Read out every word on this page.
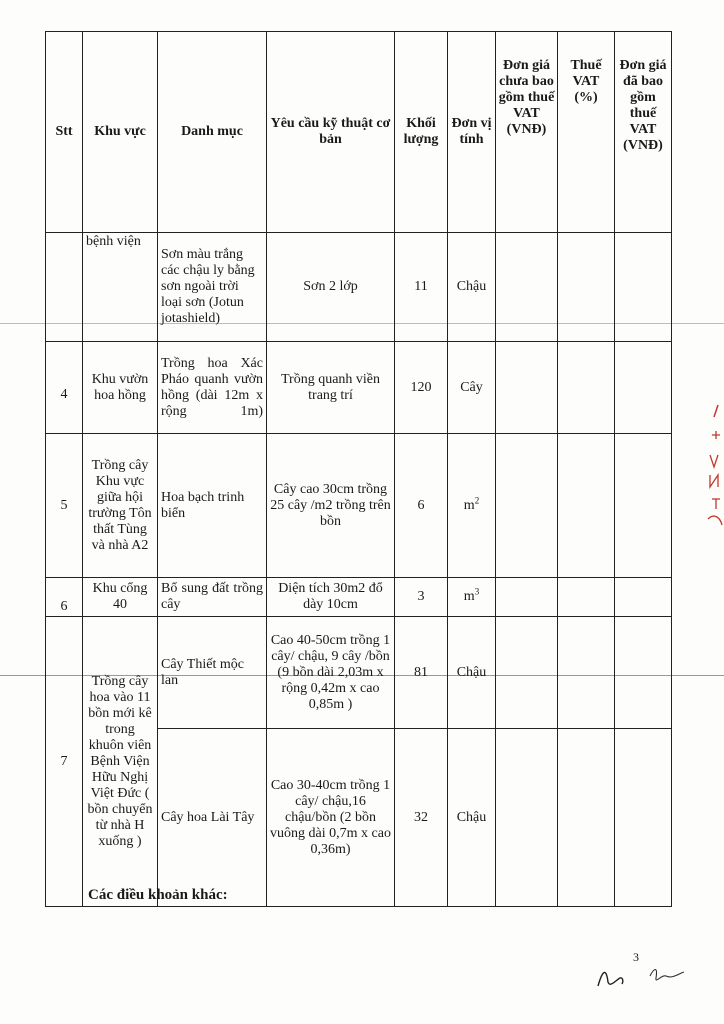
Stt	Khu vực	Danh mục	Yêu cầu kỹ thuật cơ bản	Khối lượng	Đơn vị tính	Đơn giá chưa bao gồm thuế VAT (VNĐ)	Thuế VAT (%)	Đơn giá đã bao gồm thuế VAT (VNĐ)
	bệnh viện	Sơn màu trắng các chậu ly bằng sơn ngoài trời loại sơn (Jotun jotashield)	Sơn 2 lớp	11	Chậu			
4	Khu vườn hoa hồng	Trồng hoa Xác Pháo quanh vườn hồng (dài 12m x rộng 1m)	Trồng quanh viền trang trí	120	Cây			
5	Trồng cây Khu vực giữa hội trường Tôn thất Tùng và nhà A2	Hoa bạch trinh biển	Cây cao 30cm trồng 25 cây /m2 trồng trên bồn	6	$m^2$			
6	Khu cổng 40	Bổ sung đất trồng cây	Diện tích 30m2 đổ dày 10cm	3	$m^3$			
7	Trồng cây hoa vào 11 bồn mới kê trong khuôn viên Bệnh Viện Hữu Nghị Việt Đức ( bồn chuyển từ nhà H xuống )	Cây Thiết mộc lan	Cao 40-50cm trồng 1 cây/ chậu, 9 cây /bồn (9 bồn dài 2,03m x rộng 0,42m x cao 0,85m )	81	Chậu			
		Cây hoa Lài Tây	Cao 30-40cm trồng 1 cây/ chậu,16 chậu/bồn (2 bồn vuông dài 0,7m x cao 0,36m)	32	Chậu			
Các điều khoản khác:
3
